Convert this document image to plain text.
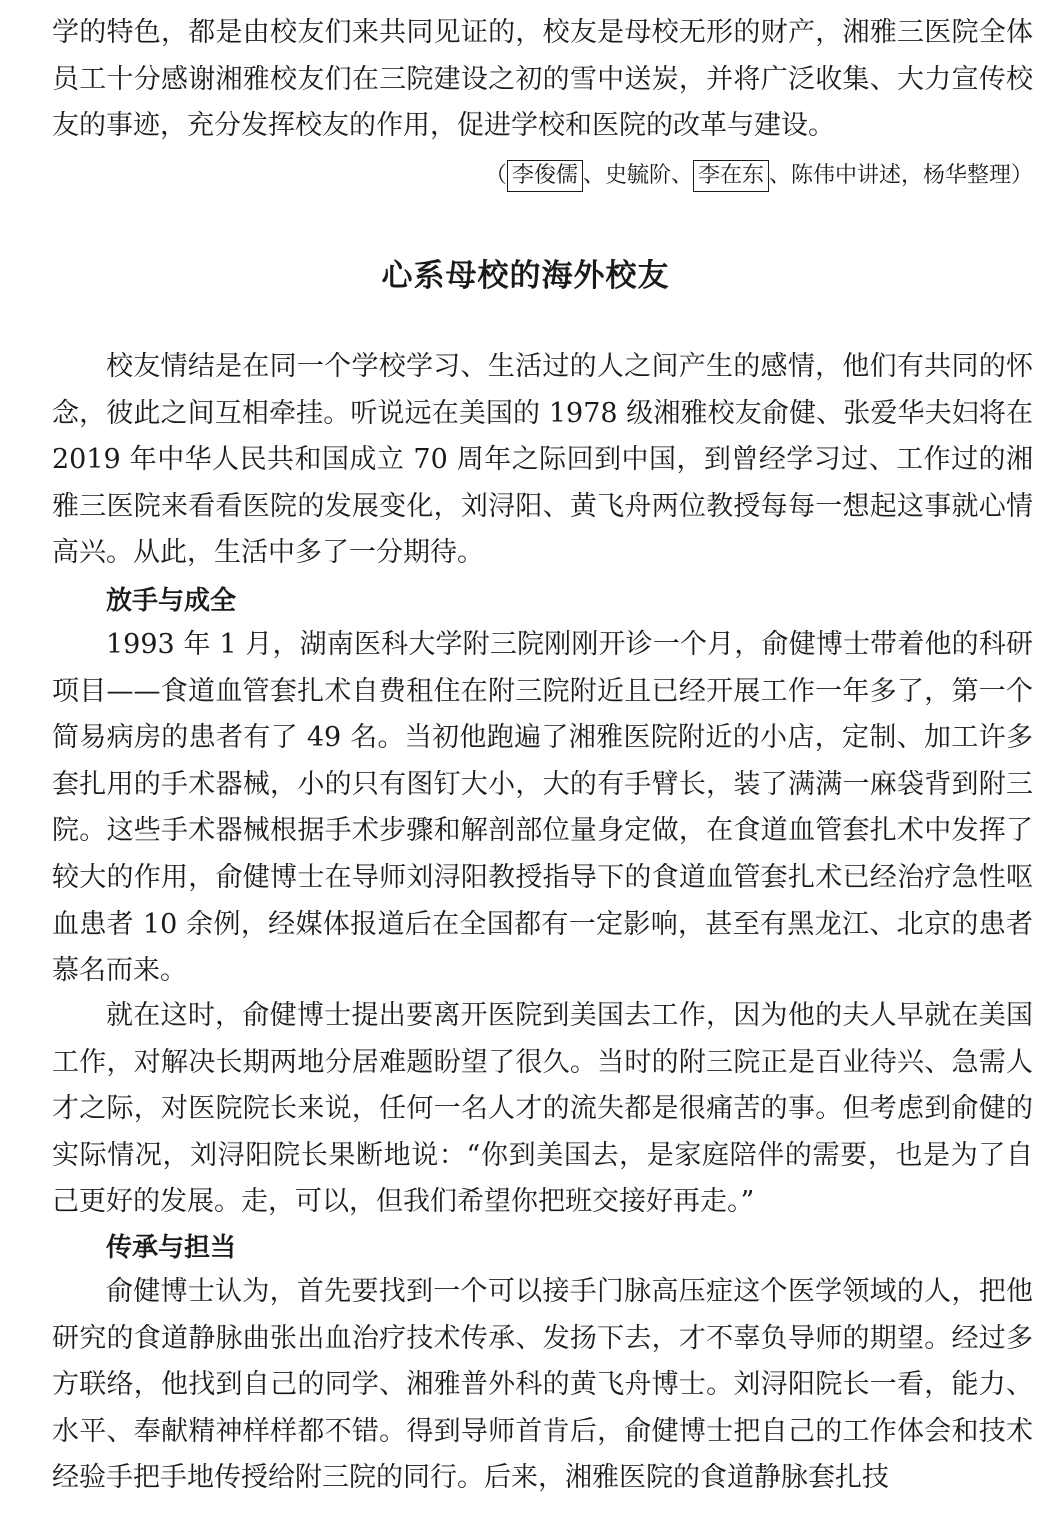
学的特色，都是由校友们来共同见证的，校友是母校无形的财产，湘雅三医院全体员工十分感谢湘雅校友们在三院建设之初的雪中送炭，并将广泛收集、大力宣传校友的事迹，充分发挥校友的作用，促进学校和医院的改革与建设。

（ 李俊儒 、史毓阶、 李在东 、陈伟中讲述，杨华整理）
心系母校的海外校友

校友情结是在同一个学校学习、生活过的人之间产生的感情，他们有共同的怀念，彼此之间互相牵挂。听说远在美国的 1978 级湘雅校友俞健、张爱华夫妇将在 2019 年中华人民共和国成立 70 周年之际回到中国，到曾经学习过、工作过的湘雅三医院来看看医院的发展变化，刘浔阳、黄飞舟两位教授每每一想起这事就心情高兴。从此，生活中多了一分期待。

放手与成全

1993 年 1 月，湖南医科大学附三院刚刚开诊一个月，俞健博士带着他的科研项目——食道血管套扎术自费租住在附三院附近且已经开展工作一年多了，第一个简易病房的患者有了 49 名。当初他跑遍了湘雅医院附近的小店，定制、加工许多套扎用的手术器械，小的只有图钉大小，大的有手臂长，装了满满一麻袋背到附三院。这些手术器械根据手术步骤和解剖部位量身定做，在食道血管套扎术中发挥了较大的作用，俞健博士在导师刘浔阳教授指导下的食道血管套扎术已经治疗急性呕血患者 10 余例，经媒体报道后在全国都有一定影响，甚至有黑龙江、北京的患者慕名而来。

就在这时，俞健博士提出要离开医院到美国去工作，因为他的夫人早就在美国工作，对解决长期两地分居难题盼望了很久。当时的附三院正是百业待兴、急需人才之际，对医院院长来说，任何一名人才的流失都是很痛苦的事。但考虑到俞健的实际情况，刘浔阳院长果断地说：“你到美国去，是家庭陪伴的需要，也是为了自己更好的发展。走，可以，但我们希望你把班交接好再走。”

传承与担当

俞健博士认为，首先要找到一个可以接手门脉高压症这个医学领域的人，把他研究的食道静脉曲张出血治疗技术传承、发扬下去，才不辜负导师的期望。经过多方联络，他找到自己的同学、湘雅普外科的黄飞舟博士。刘浔阳院长一看，能力、水平、奉献精神样样都不错。得到导师首肯后，俞健博士把自己的工作体会和技术经验手把手地传授给附三院的同行。后来，湘雅医院的食道静脉套扎技
